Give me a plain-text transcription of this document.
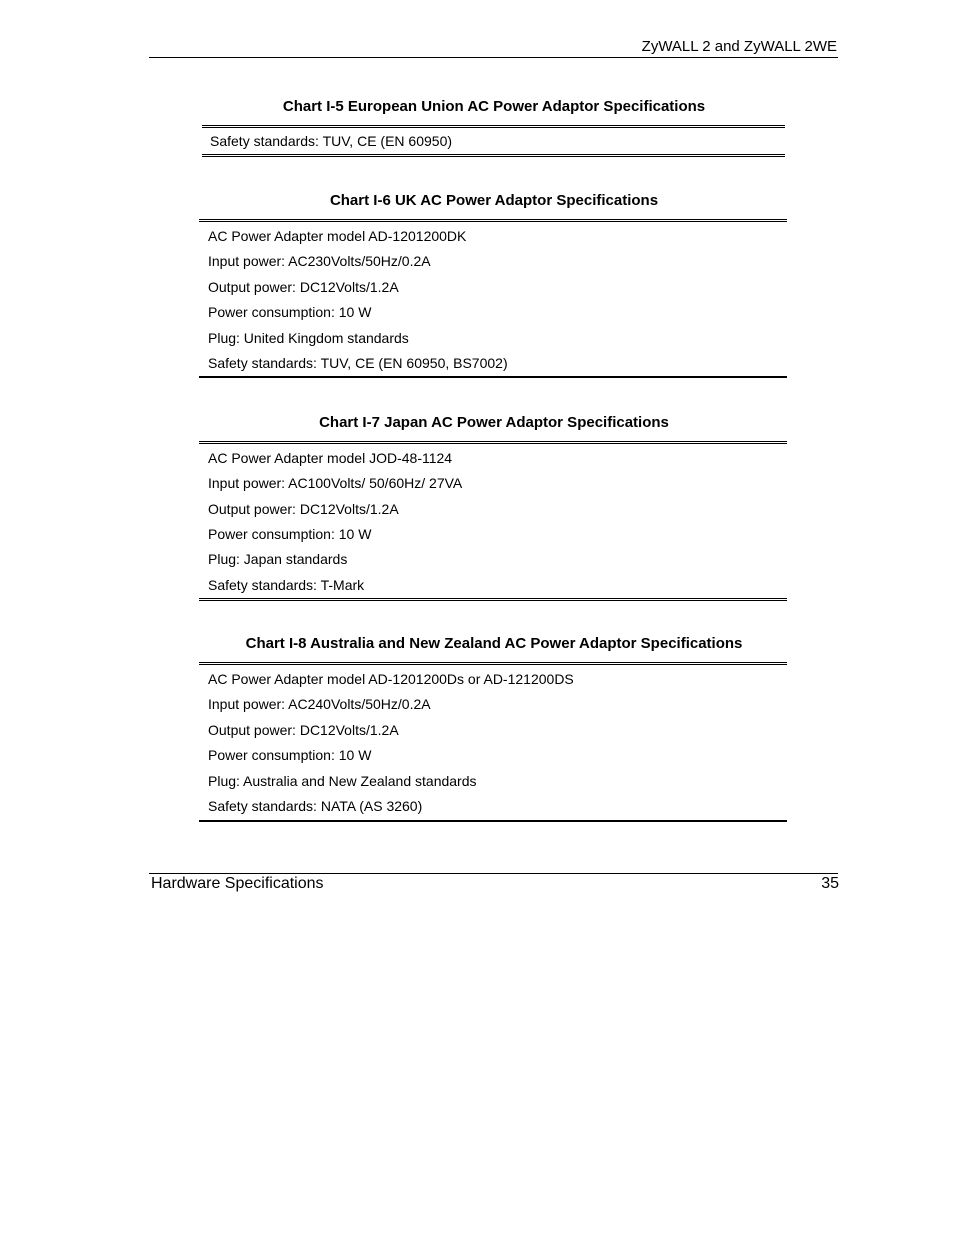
ZyWALL 2 and ZyWALL 2WE
Chart I-5 European Union AC Power Adaptor Specifications
Safety standards: TUV, CE (EN 60950)
Chart I-6 UK AC Power Adaptor Specifications
AC Power Adapter model AD-1201200DK
Input power: AC230Volts/50Hz/0.2A
Output power: DC12Volts/1.2A
Power consumption: 10 W
Plug: United Kingdom standards
Safety standards: TUV, CE (EN 60950, BS7002)
Chart I-7 Japan AC Power Adaptor Specifications
AC Power Adapter model JOD-48-1124
Input power: AC100Volts/ 50/60Hz/ 27VA
Output power: DC12Volts/1.2A
Power consumption: 10 W
Plug: Japan standards
Safety standards: T-Mark
Chart I-8 Australia and New Zealand AC Power Adaptor Specifications
AC Power Adapter model AD-1201200Ds or AD-121200DS
Input power: AC240Volts/50Hz/0.2A
Output power: DC12Volts/1.2A
Power consumption: 10 W
Plug: Australia and New Zealand standards
Safety standards: NATA (AS 3260)
Hardware Specifications	35
